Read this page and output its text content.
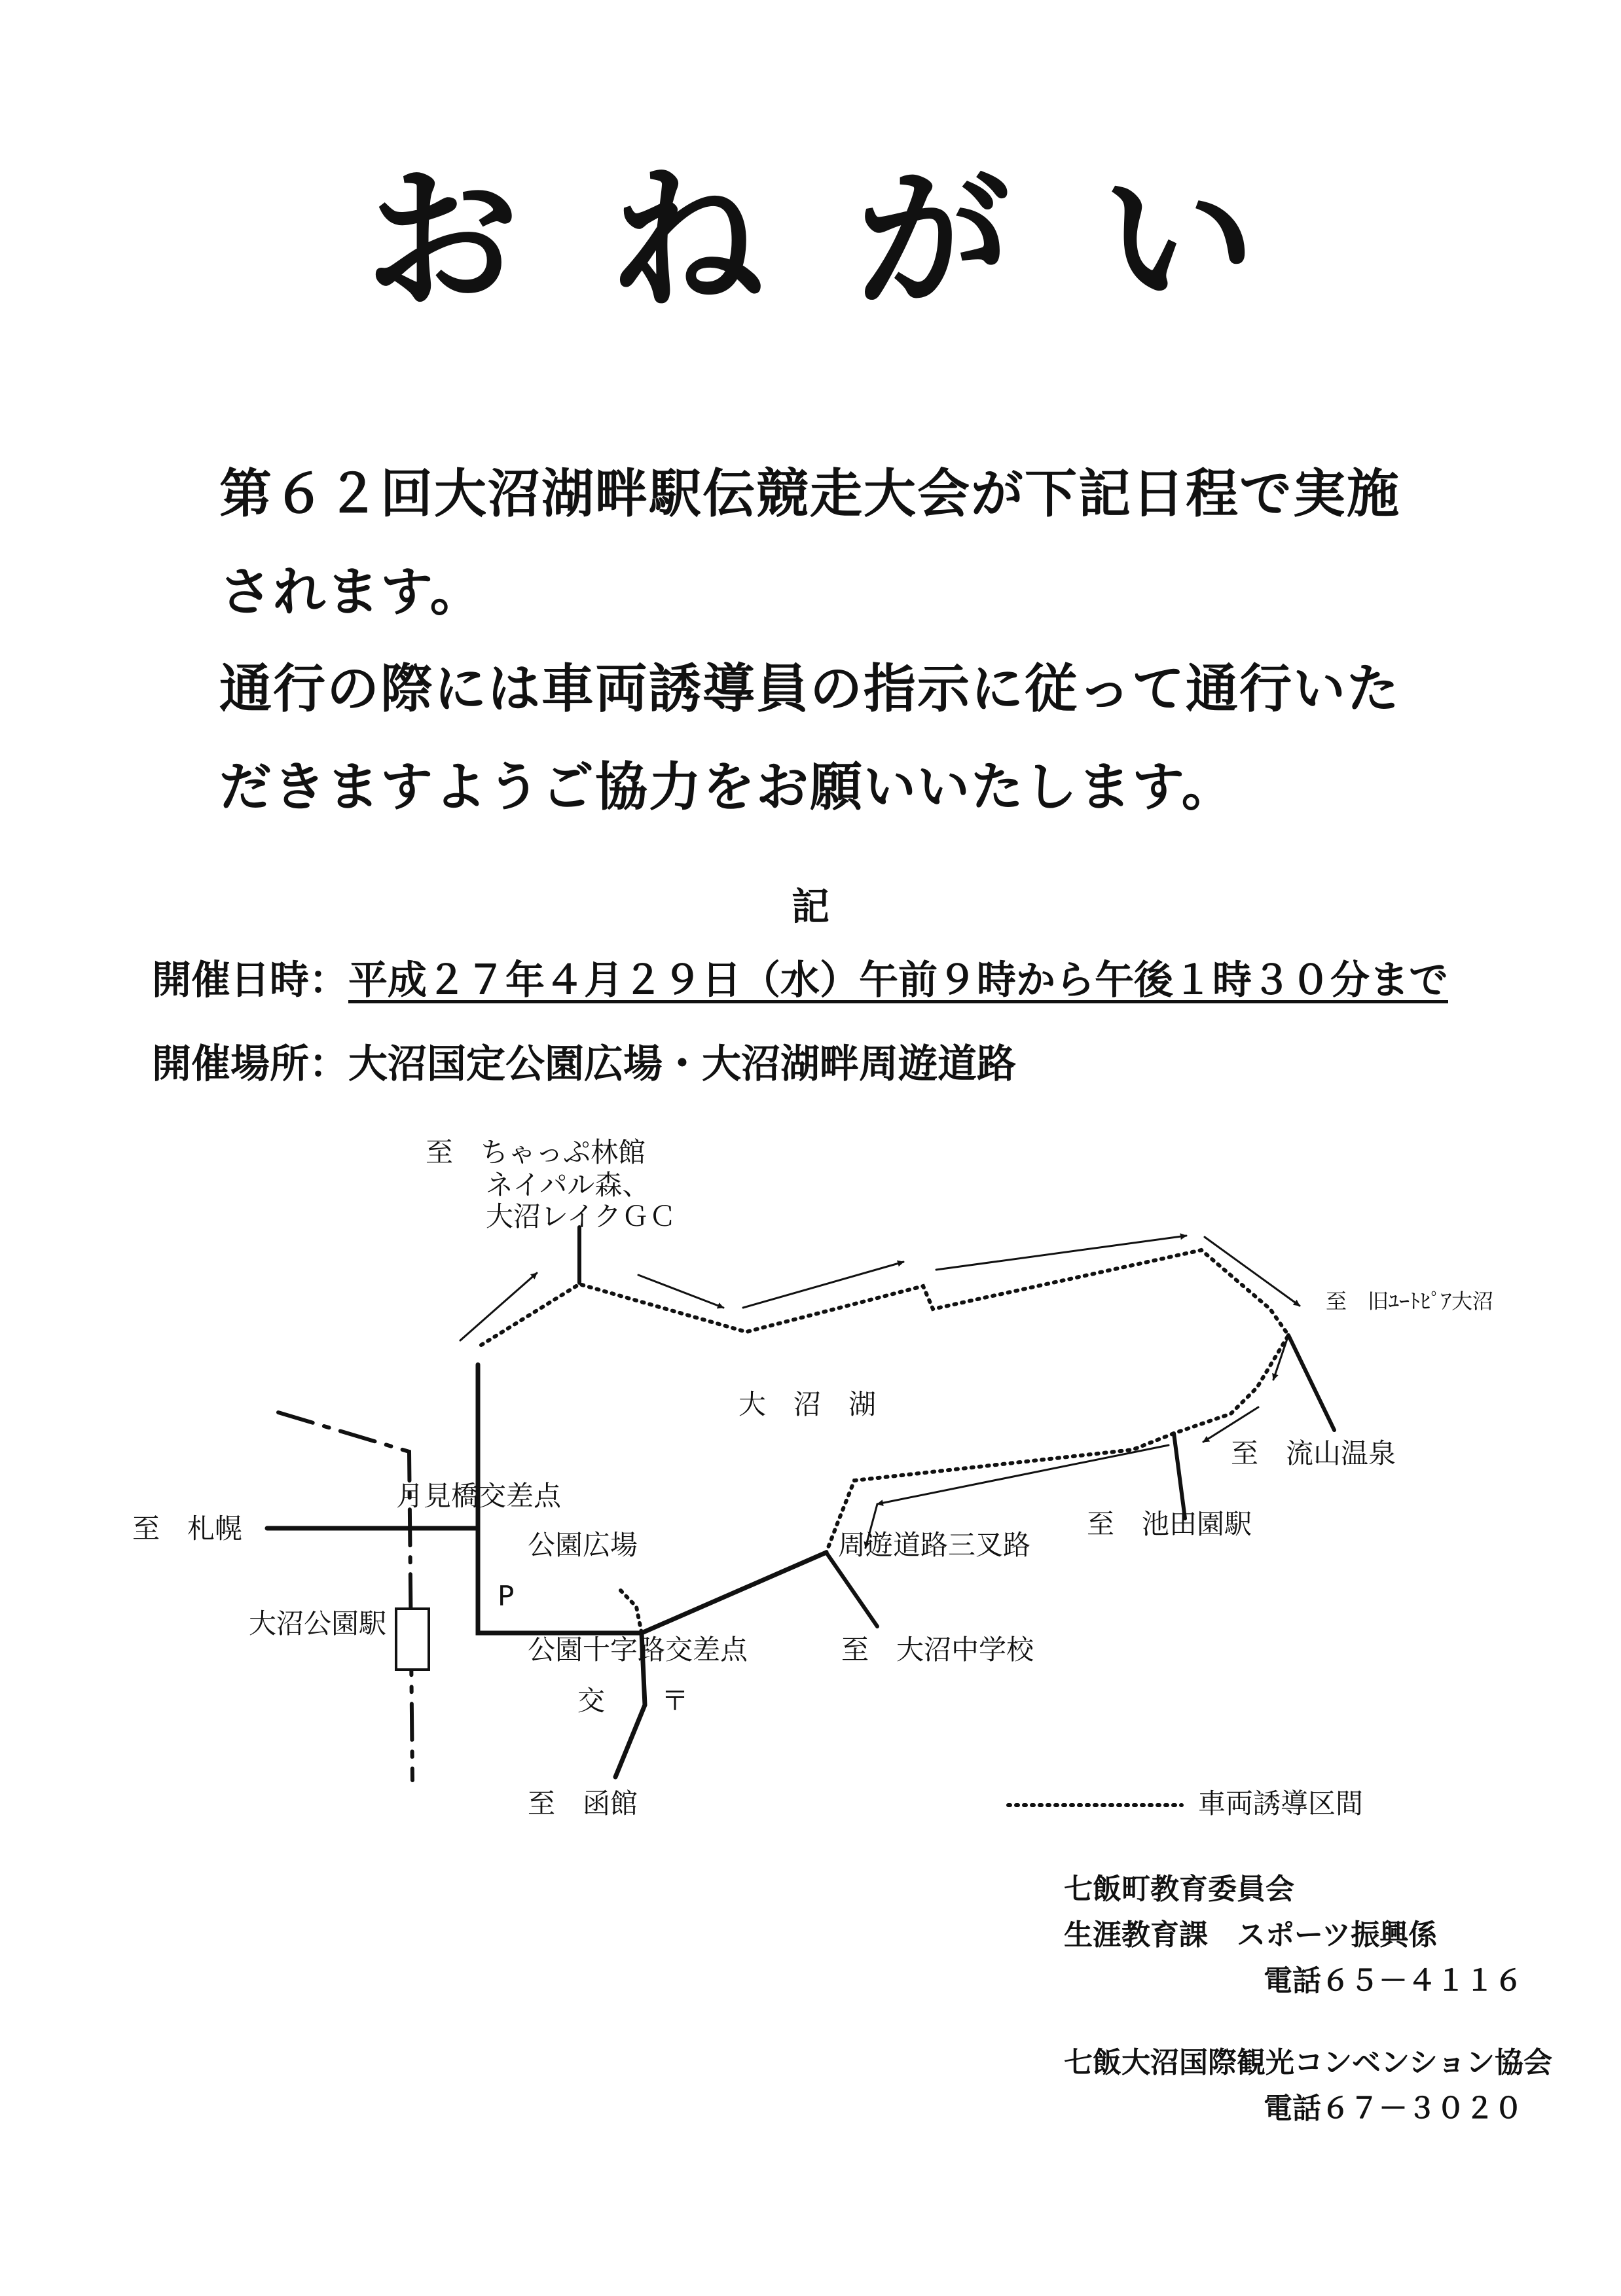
おねがい
第６２回大沼湖畔駅伝競走大会が下記日程で実施
されます。
通行の際には車両誘導員の指示に従って通行いた
だきますようご協力をお願いいたします。
記
開催日時：平成２７年４月２９日（水）午前９時から午後１時３０分まで
開催場所：大沼国定公園広場・大沼湖畔周遊道路
至　ちゃっぷ林館
ネイパル森、
大沼レイクＧＣ
至　旧ﾕｰﾄﾋﾟｱ大沼
大　沼　湖
至　流山温泉
至　札幌
月見橋交差点
公園広場	周遊道路三叉路
至　池田園駅
P
大沼公園駅
公園十字路交差点	至　大沼中学校
交 〒
至　函館	車両誘導区間
七飯町教育委員会
生涯教育課　スポーツ振興係
電話６５－４１１６
七飯大沼国際観光コンベンション協会
電話６７－３０２０
